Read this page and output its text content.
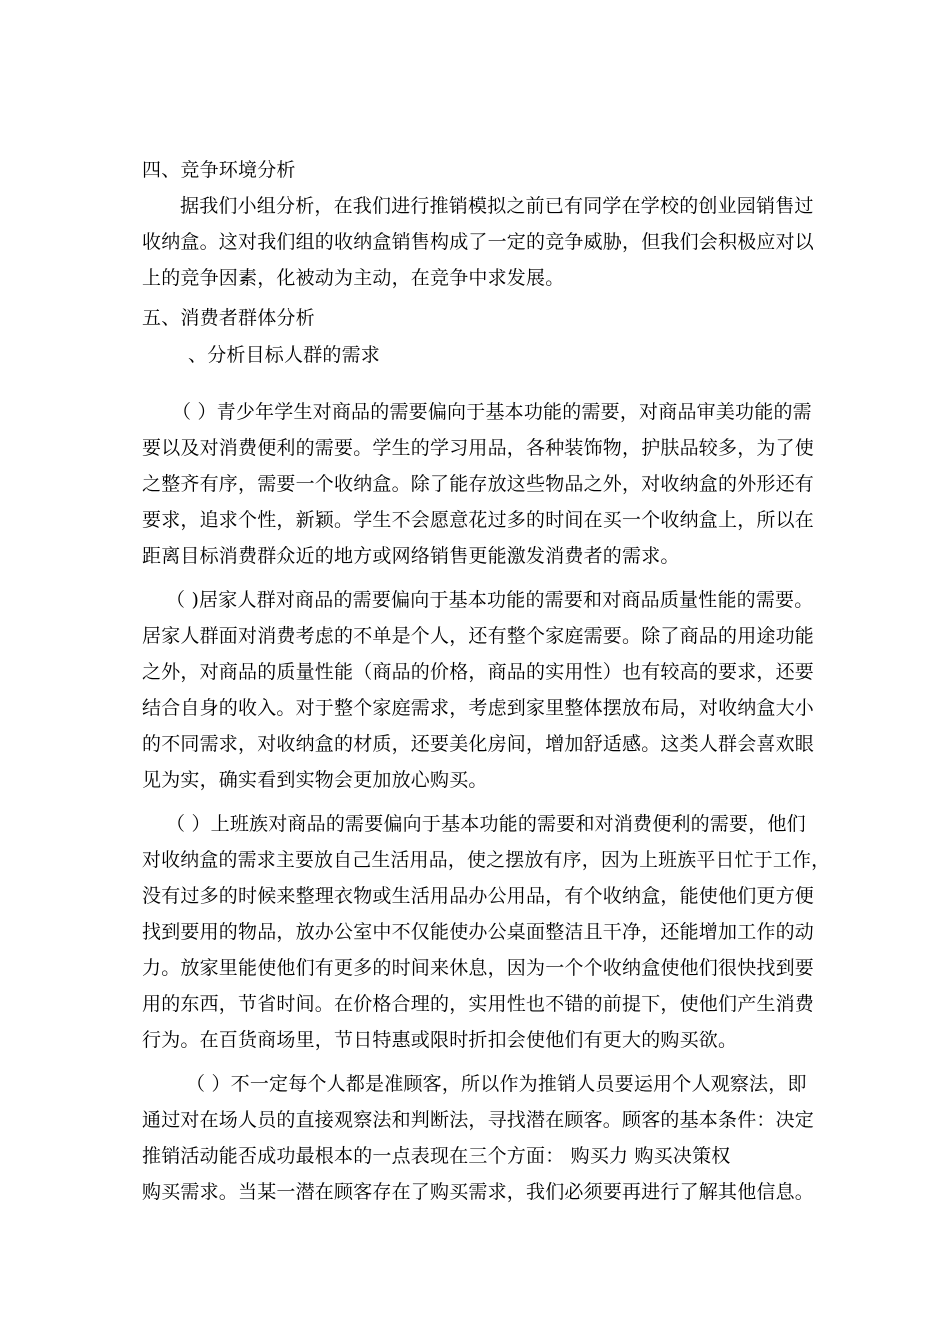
四、竞争环境分析
据我们小组分析，在我们进行推销模拟之前已有同学在学校的创业园销售过
收纳盒。这对我们组的收纳盒销售构成了一定的竞争威胁，但我们会积极应对以
上的竞争因素，化被动为主动，在竞争中求发展。
五、消费者群体分析
、分析目标人群的需求
（ ）青少年学生对商品的需要偏向于基本功能的需要，对商品审美功能的需
要以及对消费便利的需要。学生的学习用品，各种装饰物，护肤品较多，为了使
之整齐有序，需要一个收纳盒。除了能存放这些物品之外，对收纳盒的外形还有
要求，追求个性，新颖。学生不会愿意花过多的时间在买一个收纳盒上，所以在
距离目标消费群众近的地方或网络销售更能激发消费者的需求。
（ )居家人群对商品的需要偏向于基本功能的需要和对商品质量性能的需要。
居家人群面对消费考虑的不单是个人，还有整个家庭需要。除了商品的用途功能
之外，对商品的质量性能（商品的价格，商品的实用性）也有较高的要求，还要
结合自身的收入。对于整个家庭需求，考虑到家里整体摆放布局，对收纳盒大小
的不同需求，对收纳盒的材质，还要美化房间，增加舒适感。这类人群会喜欢眼
见为实，确实看到实物会更加放心购买。
（ ）上班族对商品的需要偏向于基本功能的需要和对消费便利的需要，他们
对收纳盒的需求主要放自己生活用品，使之摆放有序，因为上班族平日忙于工作，
没有过多的时候来整理衣物或生活用品办公用品，有个收纳盒，能使他们更方便
找到要用的物品，放办公室中不仅能使办公桌面整洁且干净，还能增加工作的动
力。放家里能使他们有更多的时间来休息，因为一个个收纳盒使他们很快找到要
用的东西，节省时间。在价格合理的，实用性也不错的前提下，使他们产生消费
行为。在百货商场里，节日特惠或限时折扣会使他们有更大的购买欲。
（ ）不一定每个人都是准顾客，所以作为推销人员要运用个人观察法，即
通过对在场人员的直接观察法和判断法，寻找潜在顾客。顾客的基本条件：决定
推销活动能否成功最根本的一点表现在三个方面： 购买力 购买决策权
购买需求。当某一潜在顾客存在了购买需求，我们必须要再进行了解其他信息。
